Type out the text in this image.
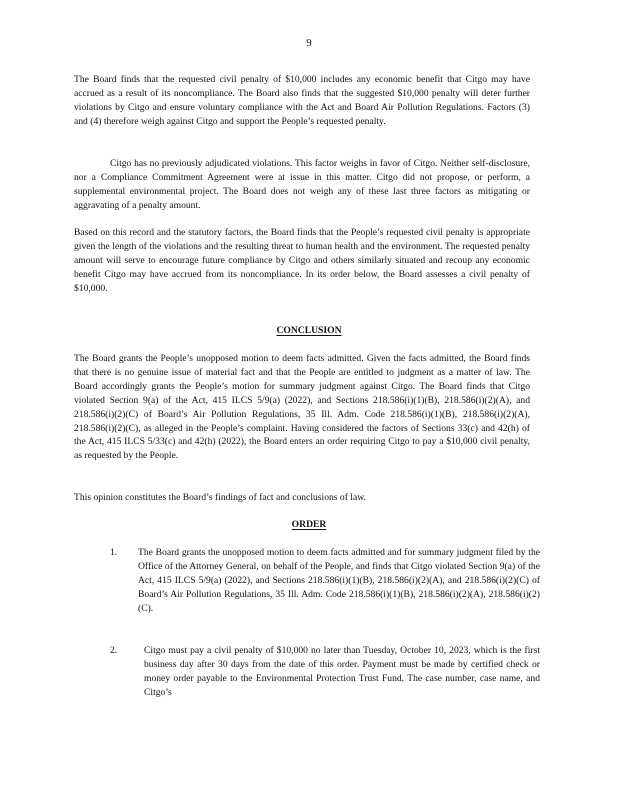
9
The Board finds that the requested civil penalty of $10,000 includes any economic benefit that Citgo may have accrued as a result of its noncompliance. The Board also finds that the suggested $10,000 penalty will deter further violations by Citgo and ensure voluntary compliance with the Act and Board Air Pollution Regulations. Factors (3) and (4) therefore weigh against Citgo and support the People’s requested penalty.
Citgo has no previously adjudicated violations. This factor weighs in favor of Citgo. Neither self-disclosure, nor a Compliance Commitment Agreement were at issue in this matter. Citgo did not propose, or perform, a supplemental environmental project. The Board does not weigh any of these last three factors as mitigating or aggravating of a penalty amount.
Based on this record and the statutory factors, the Board finds that the People’s requested civil penalty is appropriate given the length of the violations and the resulting threat to human health and the environment. The requested penalty amount will serve to encourage future compliance by Citgo and others similarly situated and recoup any economic benefit Citgo may have accrued from its noncompliance. In its order below, the Board assesses a civil penalty of $10,000.
CONCLUSION
The Board grants the People’s unopposed motion to deem facts admitted. Given the facts admitted, the Board finds that there is no genuine issue of material fact and that the People are entitled to judgment as a matter of law. The Board accordingly grants the People’s motion for summary judgment against Citgo. The Board finds that Citgo violated Section 9(a) of the Act, 415 ILCS 5/9(a) (2022), and Sections 218.586(i)(1)(B), 218.586(i)(2)(A), and 218.586(i)(2)(C) of Board’s Air Pollution Regulations, 35 Ill. Adm. Code 218.586(i)(1)(B), 218.586(i)(2)(A), 218.586(i)(2)(C), as alleged in the People’s complaint. Having considered the factors of Sections 33(c) and 42(h) of the Act, 415 ILCS 5/33(c) and 42(h) (2022), the Board enters an order requiring Citgo to pay a $10,000 civil penalty, as requested by the People.
This opinion constitutes the Board’s findings of fact and conclusions of law.
ORDER
1. The Board grants the unopposed motion to deem facts admitted and for summary judgment filed by the Office of the Attorney General, on behalf of the People, and finds that Citgo violated Section 9(a) of the Act, 415 ILCS 5/9(a) (2022), and Sections 218.586(i)(1)(B), 218.586(i)(2)(A), and 218.586(i)(2)(C) of Board’s Air Pollution Regulations, 35 Ill. Adm. Code 218.586(i)(1)(B), 218.586(i)(2)(A), 218.586(i)(2)(C).
2.	Citgo must pay a civil penalty of $10,000 no later than Tuesday, October 10, 2023, which is the first business day after 30 days from the date of this order. Payment must be made by certified check or money order payable to the Environmental Protection Trust Fund. The case number, case name, and Citgo’s
